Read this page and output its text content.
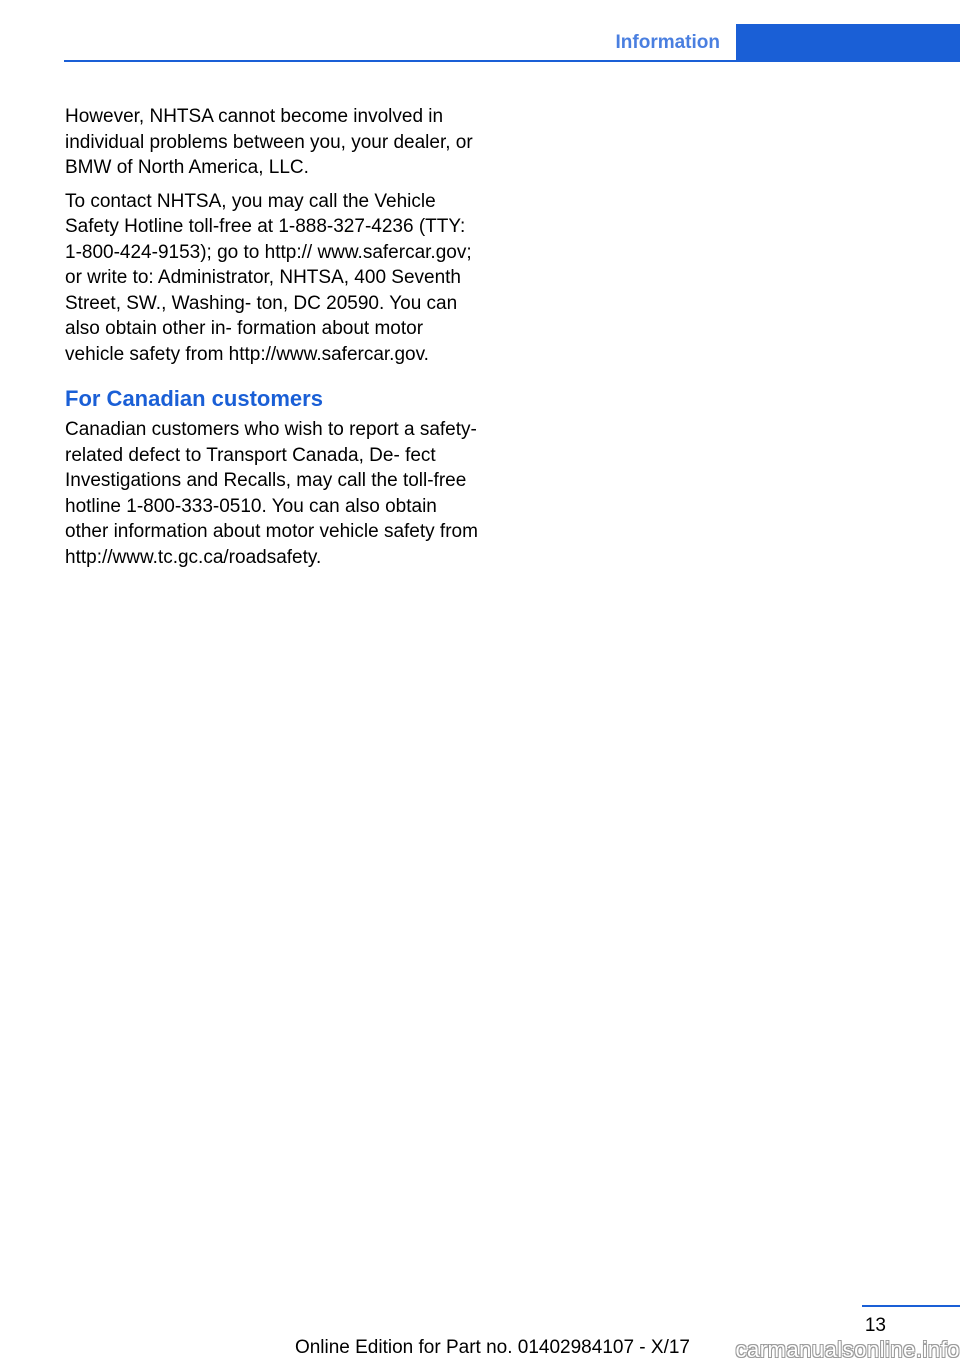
Information

However, NHTSA cannot become involved in individual problems between you, your dealer, or BMW of North America, LLC.

To contact NHTSA, you may call the Vehicle Safety Hotline toll-free at 1-888-327-4236 (TTY: 1-800-424-9153); go to http:// www.safercar.gov; or write to: Administrator, NHTSA, 400 Seventh Street, SW., Washing- ton, DC 20590. You can also obtain other in- formation about motor vehicle safety from http://www.safercar.gov.

For Canadian customers

Canadian customers who wish to report a safety-related defect to Transport Canada, De- fect Investigations and Recalls, may call the toll-free hotline 1-800-333-0510. You can also obtain other information about motor vehicle safety from http://www.tc.gc.ca/roadsafety.

13
Online Edition for Part no. 01402984107 - X/17	carmanualsonline.info
